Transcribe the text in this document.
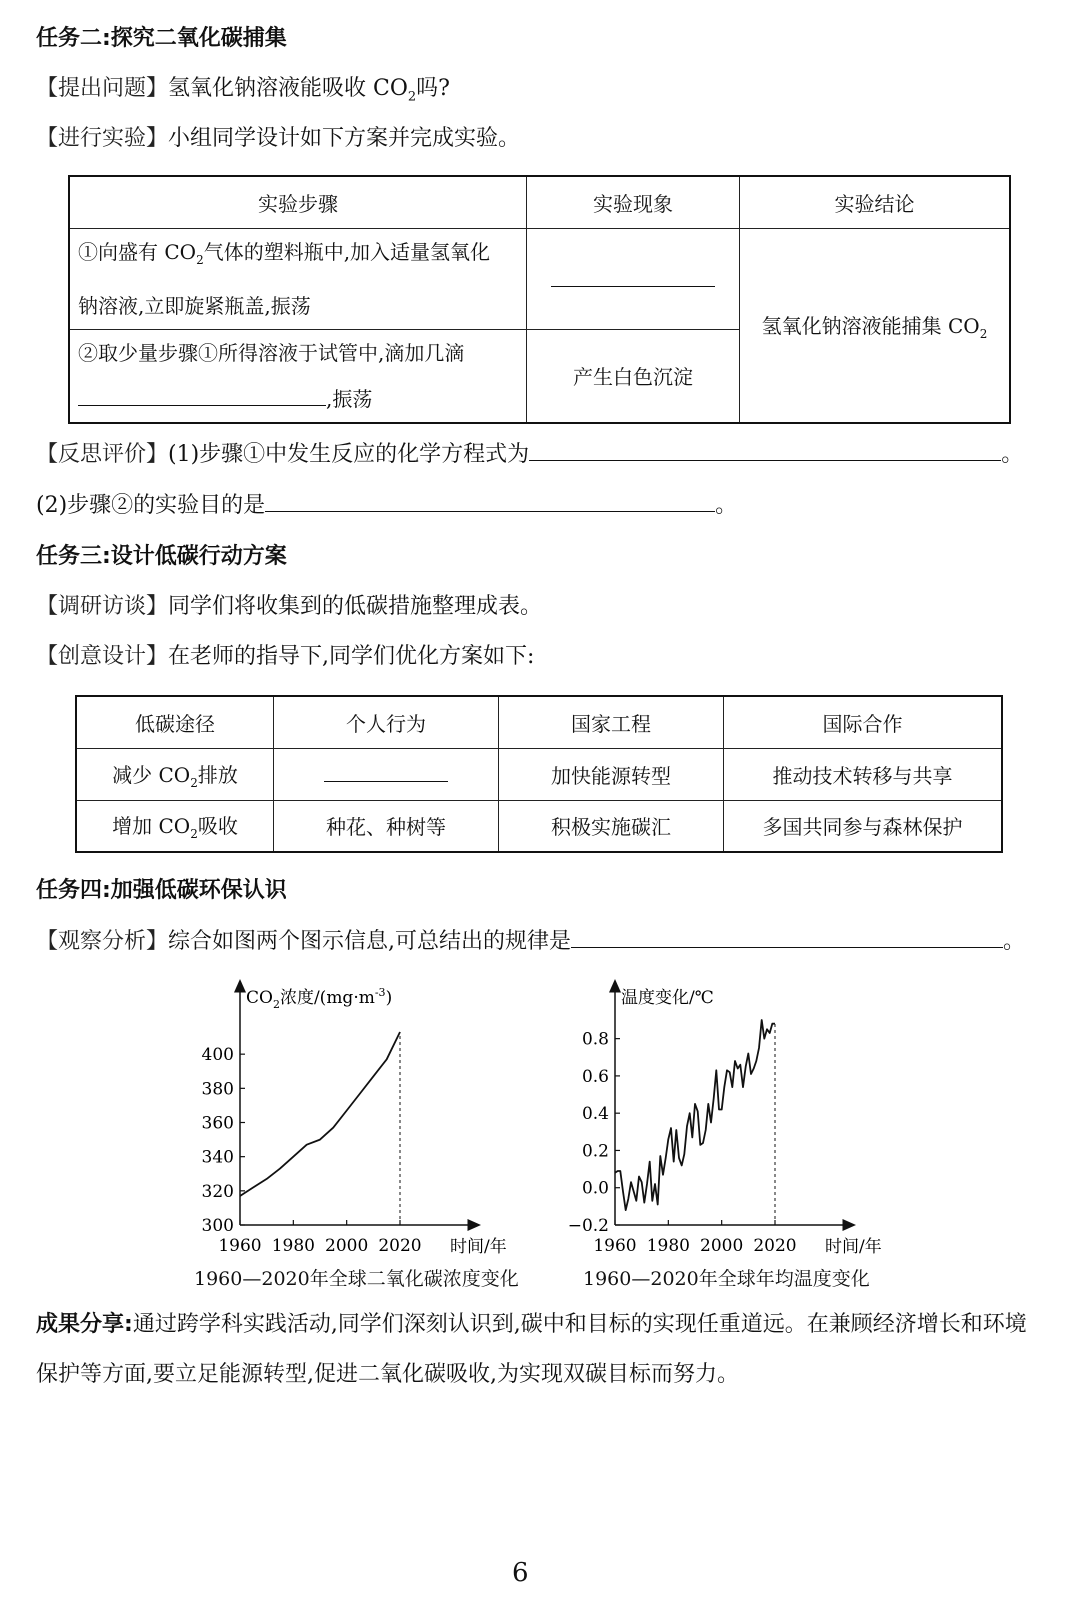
任务二:探究二氧化碳捕集
【提出问题】氢氧化钠溶液能吸收 $CO_2$吗?
【进行实验】小组同学设计如下方案并完成实验。
实验步骤	实验现象	实验结论

①向盛有 $CO_2$气体的塑料瓶中,加入适量氢氧化
钠溶液,立即旋紧瓶盖,振荡		氢氧化钠溶液能捕集 $CO_2$

②取少量步骤①所得溶液于试管中,滴加几滴
,振荡	产生白色沉淀	
【反思评价】(1)步骤①中发生反应的化学方程式为	。
(2)步骤②的实验目的是	。
任务三:设计低碳行动方案
【调研访谈】同学们将收集到的低碳措施整理成表。
【创意设计】在老师的指导下,同学们优化方案如下:
低碳途径	个人行为	国家工程	国际合作
减少 $CO_2$排放		加快能源转型	推动技术转移与共享
增加 $CO_2$吸收	种花、种树等	积极实施碳汇	多国共同参与森林保护
任务四:加强低碳环保认识
【观察分析】综合如图两个图示信息,可总结出的规律是	。
300
320
340
360
380
400
1960 1980 2000 2020 时间/年
$CO_2$浓度$/(mg\cdot m^{-3})$
1960—2020年全球二氧化碳浓度变化
−0.2
0.0
0.2
0.4
0.6
0.8
1960 1980 2000 2020 时间/年
温度变化/℃
1960—2020年全球年均温度变化
成果分享:通过跨学科实践活动,同学们深刻认识到,碳中和目标的实现任重道远。在兼顾经济增长和环境保护等方面,要立足能源转型,促进二氧化碳吸收,为实现双碳目标而努力。
6
